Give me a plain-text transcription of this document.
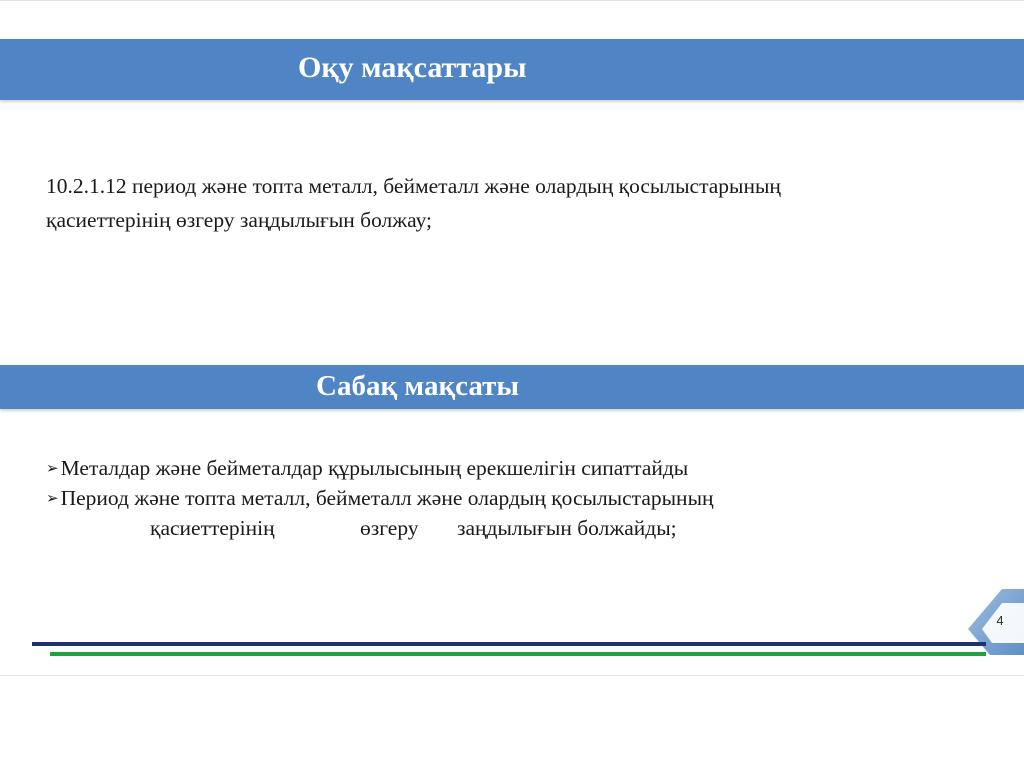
Оқу мақсаттары
10.2.1.12 период және топта металл, бейметалл және олардың қосылыстарының
қасиеттерінің өзгеру заңдылығын болжау;
Сабақ мақсаты
➢Металдар және бейметалдар құрылысының ерекшелігін сипаттайды
➢Период және топта металл, бейметалл және олардың қосылыстарының
қасиеттерінің	өзгеру заңдылығын болжайды;
4
